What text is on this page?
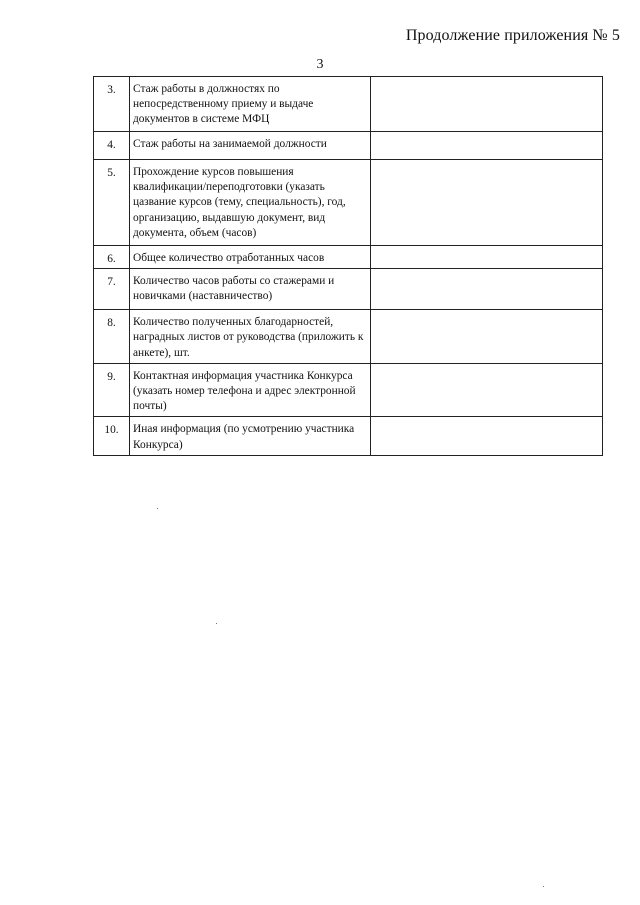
Продолжение приложения № 5
3
3.	Стаж работы в должностях по непосредственному приему и выдаче документов в системе МФЦ	
4.	Стаж работы на занимаемой должности	
5.	Прохождение курсов повышения квалификации/переподготовки (указать цазвание курсов (тему, специальность), год, организацию, выдавшую документ, вид документа, объем (часов)	
6.	Общее количество отработанных часов	
7.	Количество часов работы со стажерами и новичками (наставничество)	
8.	Количество полученных благодарностей, наградных листов от руководства (приложить к анкете), шт.	
9.	Контактная информация участника Конкурса (указать номер телефона и адрес электронной почты)	
10.	Иная информация (по усмотрению участника Конкурса)	
